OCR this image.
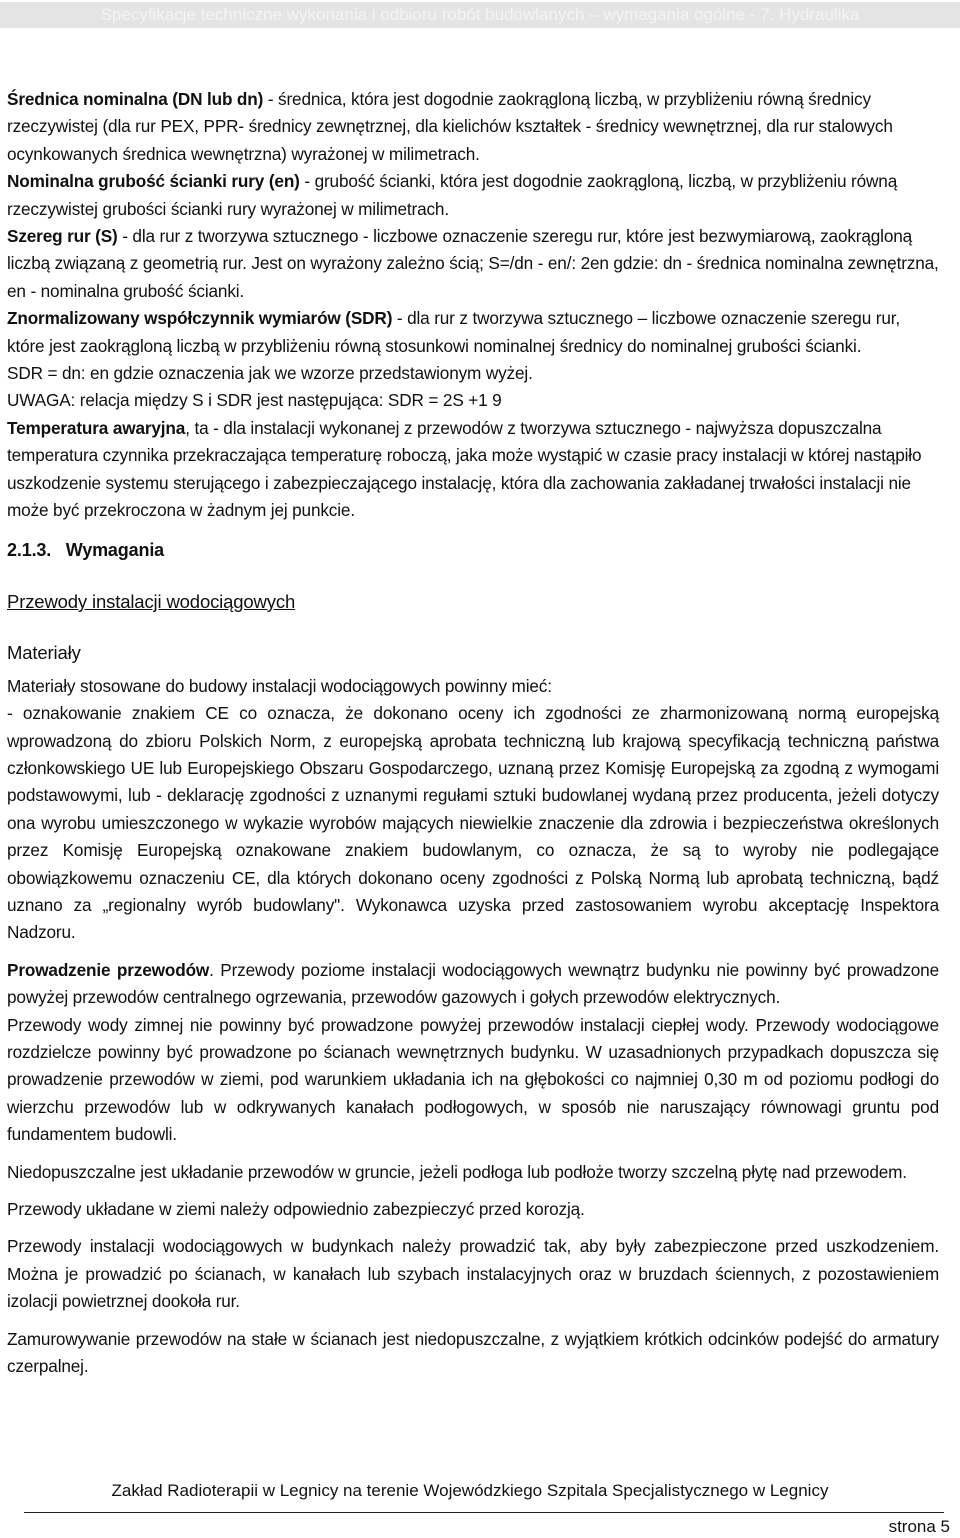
Specyfikacje techniczne wykonania i odbioru robót budowlanych – wymagania ogólne - 7. Hydraulika

Średnica nominalna (DN lub dn) - średnica, która jest dogodnie zaokrągloną liczbą, w przybliżeniu równą średnicy rzeczywistej (dla rur PEX, PPR- średnicy zewnętrznej, dla kielichów kształtek - średnicy wewnętrznej, dla rur stalowych ocynkowanych średnica wewnętrzna) wyrażonej w milimetrach.

Nominalna grubość ścianki rury (en) - grubość ścianki, która jest dogodnie zaokrągloną, liczbą, w przybliżeniu równą rzeczywistej grubości ścianki rury wyrażonej w milimetrach.

Szereg rur (S) - dla rur z tworzywa sztucznego - liczbowe oznaczenie szeregu rur, które jest bezwymiarową, zaokrągloną liczbą związaną z geometrią rur. Jest on wyrażony zależno ścią; S=/dn - en/: 2en gdzie: dn - średnica nominalna zewnętrzna, en - nominalna grubość ścianki.

Znormalizowany współczynnik wymiarów (SDR) - dla rur z tworzywa sztucznego – liczbowe oznaczenie szeregu rur, które jest zaokrągloną liczbą w przybliżeniu równą stosunkowi nominalnej średnicy do nominalnej grubości ścianki.

SDR = dn: en gdzie oznaczenia jak we wzorze przedstawionym wyżej.

UWAGA: relacja między S i SDR jest następująca: SDR = 2S +1 9

Temperatura awaryjna, ta - dla instalacji wykonanej z przewodów z tworzywa sztucznego - najwyższa dopuszczalna temperatura czynnika przekraczająca temperaturę roboczą, jaka może wystąpić w czasie pracy instalacji w której nastąpiło uszkodzenie systemu sterującego i zabezpieczającego instalację, która dla zachowania zakładanej trwałości instalacji nie może być przekroczona w żadnym jej punkcie.

2.1.3.   Wymagania

Przewody instalacji wodociągowych

Materiały

Materiały stosowane do budowy instalacji wodociągowych powinny mieć:

- oznakowanie znakiem CE co oznacza, że dokonano oceny ich zgodności ze zharmonizowaną normą europejską wprowadzoną do zbioru Polskich Norm, z europejską aprobata techniczną lub krajową specyfikacją techniczną państwa członkowskiego UE lub Europejskiego Obszaru Gospodarczego, uznaną przez Komisję Europejską za zgodną z wymogami podstawowymi, lub - deklarację zgodności z uznanymi regułami sztuki budowlanej wydaną przez producenta, jeżeli dotyczy ona wyrobu umieszczonego w wykazie wyrobów mających niewielkie znaczenie dla zdrowia i bezpieczeństwa określonych przez Komisję Europejską oznakowane znakiem budowlanym, co oznacza, że są to wyroby nie podlegające obowiązkowemu oznaczeniu CE, dla których dokonano oceny zgodności z Polską Normą lub aprobatą techniczną, bądź uznano za „regionalny wyrób budowlany". Wykonawca uzyska przed zastosowaniem wyrobu akceptację Inspektora Nadzoru.

Prowadzenie przewodów. Przewody poziome instalacji wodociągowych wewnątrz budynku nie powinny być prowadzone powyżej przewodów centralnego ogrzewania, przewodów gazowych i gołych przewodów elektrycznych.

Przewody wody zimnej nie powinny być prowadzone powyżej przewodów instalacji ciepłej wody. Przewody wodociągowe rozdzielcze powinny być prowadzone po ścianach wewnętrznych budynku. W uzasadnionych przypadkach dopuszcza się prowadzenie przewodów w ziemi, pod warunkiem układania ich na głębokości co najmniej 0,30 m od poziomu podłogi do wierzchu przewodów lub w odkrywanych kanałach podłogowych, w sposób nie naruszający równowagi gruntu pod fundamentem budowli.

Niedopuszczalne jest układanie przewodów w gruncie, jeżeli podłoga lub podłoże tworzy szczelną płytę nad przewodem.

Przewody układane w ziemi należy odpowiednio zabezpieczyć przed korozją.

Przewody instalacji wodociągowych w budynkach należy prowadzić tak, aby były zabezpieczone przed uszkodzeniem. Można je prowadzić po ścianach, w kanałach lub szybach instalacyjnych oraz w bruzdach ściennych, z pozostawieniem izolacji powietrznej dookoła rur.

Zamurowywanie przewodów na stałe w ścianach jest niedopuszczalne, z wyjątkiem krótkich odcinków podejść do armatury czerpalnej.

Zakład Radioterapii w Legnicy na terenie Wojewódzkiego Szpitala Specjalistycznego w Legnicy
strona 5
